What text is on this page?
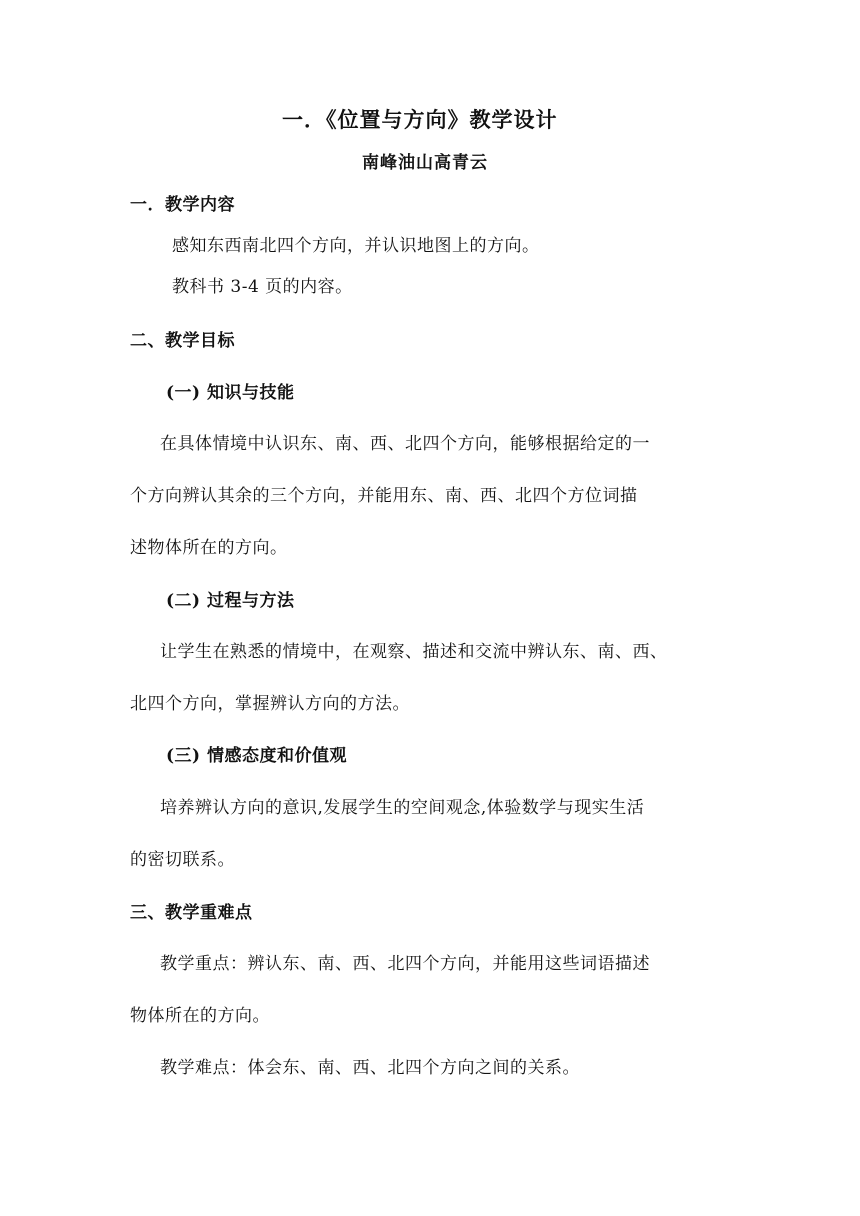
一．《位置与方向》教学设计
南峰油山高青云
一．教学内容
感知东西南北四个方向，并认识地图上的方向。
教科书 3-4 页的内容。
二、教学目标
(一) 知识与技能
在具体情境中认识东、南、西、北四个方向，能够根据给定的一
个方向辨认其余的三个方向，并能用东、南、西、北四个方位词描
述物体所在的方向。
(二) 过程与方法
让学生在熟悉的情境中，在观察、描述和交流中辨认东、南、西、
北四个方向，掌握辨认方向的方法。
(三) 情感态度和价值观
培养辨认方向的意识,发展学生的空间观念,体验数学与现实生活
的密切联系。
三、教学重难点
教学重点：辨认东、南、西、北四个方向，并能用这些词语描述
物体所在的方向。
教学难点：体会东、南、西、北四个方向之间的关系。
